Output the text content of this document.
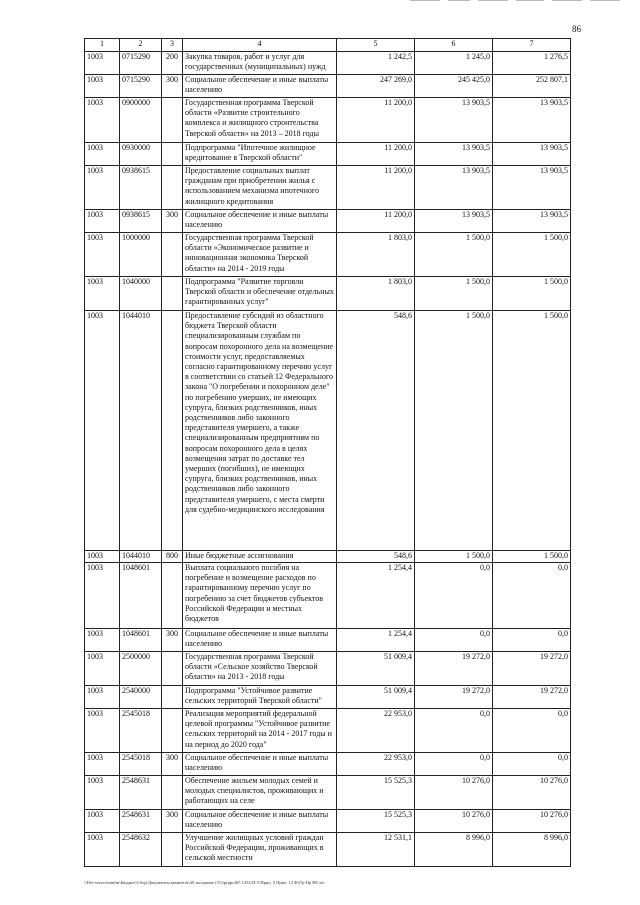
86
1	2	3	4	5	6	7
1003	0715290	200	Закупка товаров, работ и услуг для государственных (муниципальных) нужд	1 242,5	1 245,0	1 276,5
1003	0715290	300	Социальное обеспечение и иные выплаты населению	247 269,0	245 425,0	252 807,1
1003	0900000		Государственная программа Тверской области «Развитие строительного комплекса и жилищного строительства Тверской области» на 2013 – 2018 годы	11 200,0	13 903,5	13 903,5
1003	0930000		Подпрограмма "Ипотечное жилищное кредитование в Тверской области"	11 200,0	13 903,5	13 903,5
1003	0938615		Предоставление социальных выплат гражданам при приобретении жилья с использованием механизма ипотечного жилищного кредитования	11 200,0	13 903,5	13 903,5
1003	0938615	300	Социальное обеспечение и иные выплаты населению	11 200,0	13 903,5	13 903,5
1003	1000000		Государственная программа Тверской области «Экономическое развитие и инновационная экономика Тверской области» на 2014 - 2019 годы	1 803,0	1 500,0	1 500,0
1003	1040000		Подпрограмма "Развитие торговли Тверской области и обеспечение отдельных гарантированных услуг"	1 803,0	1 500,0	1 500,0
1003	1044010		Предоставление субсидий из областного бюджета Тверской области специализированным службам по вопросам похоронного дела на возмещение стоимости услуг, предоставляемых согласно гарантированному перечню услуг в соответствии со статьей 12 Федерального закона "О погребении и похоронном деле" по погребению умерших, не имеющих супруга, близких родственников, иных родственников либо законного представителя умершего, а также специализированным предприятиям по вопросам похоронного дела в целях возмещения затрат по доставке тел умерших (погибших), не имеющих супруга, близких родственников, иных родственников либо законного представителя умершего, с места смерти для судебно-медицинского исследования	548,6	1 500,0	1 500,0
1003	1044010	800	Иные бюджетные ассигнования	548,6	1 500,0	1 500,0
1003	1048601		Выплата социального пособия на погребение и возмещение расходов по гарантированному перечню услуг по погребению за счет бюджетов субъектов Российской Федерации и местных бюджетов	1 254,4	0,0	0,0
1003	1048601	300	Социальное обеспечение и иные выплаты населению	1 254,4	0,0	0,0
1003	2500000		Государственная программа Тверской области «Сельское хозяйство Тверской области» на 2013 - 2018 годы	51 009,4	19 272,0	19 272,0
1003	2540000		Подпрограмма "Устойчивое развитие сельских территорий Тверской области"	51 009,4	19 272,0	19 272,0
1003	2545018		Реализация мероприятий федеральной целевой программы "Устойчивое развитие сельских территорий на 2014 - 2017 годы и на период до 2020 года"	22 953,0	0,0	0,0
1003	2545018	300	Социальное обеспечение и иные выплаты населению	22 953,0	0,0	0,0
1003	2548631		Обеспечение жильем молодых семей и молодых специалистов, проживающих и работающих на селе	15 525,3	10 276,0	10 276,0
1003	2548631	300	Социальное обеспечение и иные выплаты населению	15 525,3	10 276,0	10 276,0
1003	2548632		Улучшение жилищных условий граждан Российской Федерации, проживающих в сельской местности	12 531,1	8 996,0	8 996,0
\\File-server\minfin\Бюджет\Сбор\Документы комитета\49 заседание (31)\р(про)05 1252-П-5\Прил. 5 Прил. 12 Ф37р Пр ВЕ.xls
